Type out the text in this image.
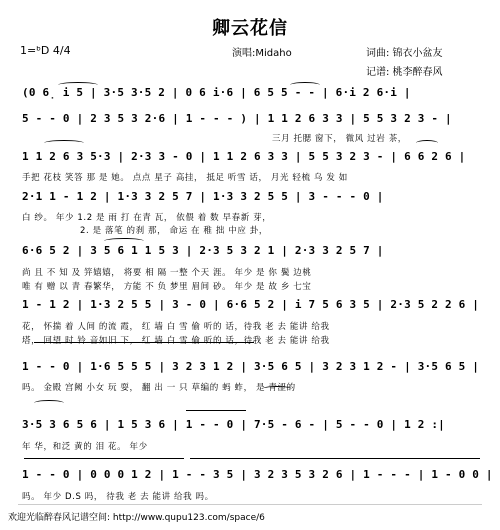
卿云花信
1=ᵇD 4/4	演唱:Midaho	词曲: 锦衣小盆友
记谱: 桃李醉春风
(0 6̣ i 5 | 3·5 3·5 2 | 0 6 i·6 | 6 5 5 - - | 6·i 2 6·i |
5 - - 0 | 2 3 5 3 2·6 | 1 - - - ) | 1 1 2 6 3 3 | 5 5 3 2 3 - |
三月 托腮 窗下， 微风 过岩 茶，
1 1 2 6 3 5·3 | 2·3 3 - 0 | 1 1 2 6 3 3 | 5 5 3 2 3 - | 6 6 2 6 |
手把 花枝 笑答 那 是 她。 点点 星子 高挂， 抵足 听雪 话， 月光 轻梳 乌 发 如
2·1 1 - 1 2 | 1·3 3 2 5 7 | 1·3 3 2 5 5 | 3 - - - 0 |
白 纱。 年少 1.2 是 雨 打 在青 瓦， 依偎 着 数 早春新 芽，
2. 是 落笔 的刹 那， 命运 在 稚 拙 中应 卦，
6·6 5 2 | 3 5 6 1 1 5 3 | 2·3 5 3 2 1 | 2·3 3 2 5 7 |
尚 且 不 知 及 笄嬉嬉， 将要 相 隔 一整 个天 涯。 年少 是 你 鬓 边桃
唯 有 赠 以 青 春繁华， 方能 不 负 梦里 眉间 砂。 年少 是 故 乡 七宝
1 - 1 2 | 1·3 2 5 5 | 3 - 0 | 6·6 5 2 | i 7 5 6 3 5 | 2·3 5 2 2 6 |
花， 怀揣 着 人间 的流 霞， 红 墙 白 雪 偷 听的 话，待我 老 去 能讲 给我
塔， 回望 时 铃 音如旧 下， 红 墙 白 雪 偷 听的 话，待我 老 去 能讲 给我
1 - - 0 | 1·6 5 5 5 | 3 2 3 1 2 | 3·5 6 5 | 3 2 3 1 2 - | 3·5 6 5 |
吗。 金殿 宫阙 小女 玩 耍， 翻 出 一 只 草编的 蚂 蚱， 是 青涩的
3·5 3 6 5 6 | 1 5 3 6 | 1 - - 0 | 7·5 - 6 - | 5 - - 0 | 1 2 :|
年 华，和泛 黄的 泪 花。 年少
1 - - 0 | 0 0 0 1 2 | 1 - - 3 5 | 3 2 3 5 3 2 6 | 1 - - - | 1 - 0 0 |
吗。 年少 D.S 吗， 待我 老 去 能讲 给我 吗。
欢迎光临醉春风记谱空间: http://www.qupu123.com/space/6
